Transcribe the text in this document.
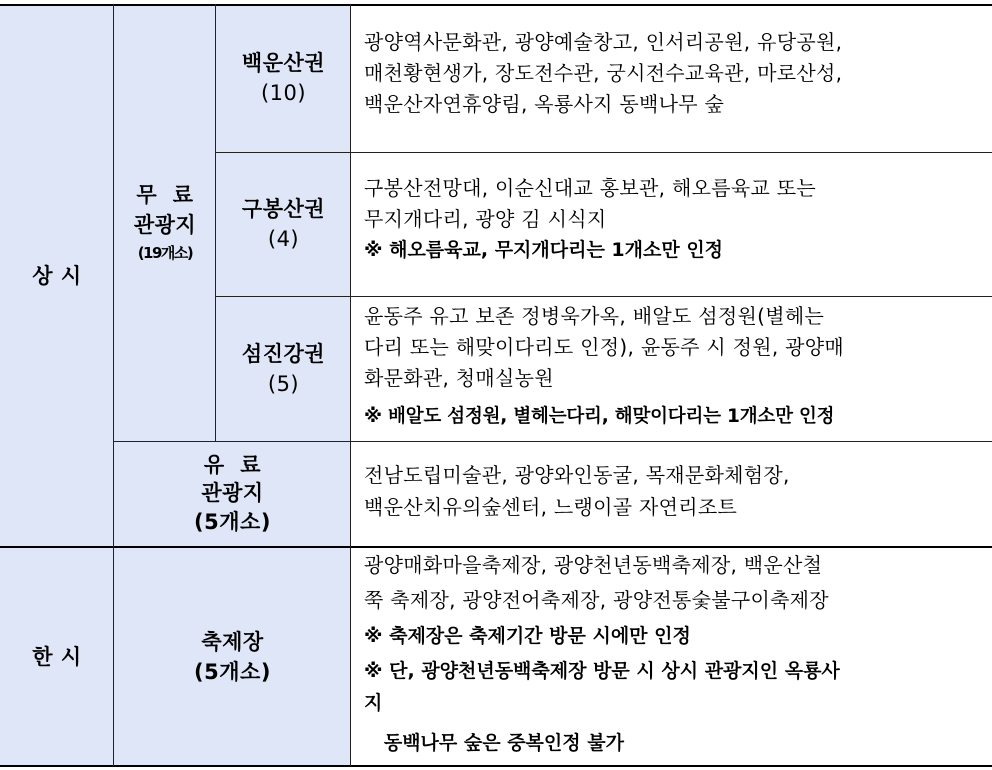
상 시
무  료
관광지
(19개소)
백운산권
(10)
구봉산권
(4)
섬진강권
(5)
유  료
관광지
(5개소)
한 시
축제장
(5개소)
광양역사문화관, 광양예술창고, 인서리공원, 유당공원,
매천황현생가, 장도전수관, 궁시전수교육관, 마로산성,
백운산자연휴양림, 옥룡사지 동백나무 숲
구봉산전망대, 이순신대교 홍보관, 해오름육교 또는
무지개다리, 광양 김 시식지
※ 해오름육교, 무지개다리는 1개소만 인정
윤동주 유고 보존 정병욱가옥, 배알도 섬정원(별헤는
다리 또는 해맞이다리도 인정), 윤동주 시 정원, 광양매
화문화관, 청매실농원
※ 배알도 섬정원, 별헤는다리, 해맞이다리는 1개소만 인정
전남도립미술관, 광양와인동굴, 목재문화체험장,
백운산치유의숲센터, 느랭이골 자연리조트
광양매화마을축제장, 광양천년동백축제장, 백운산철
쭉 축제장, 광양전어축제장, 광양전통숯불구이축제장
※ 축제장은 축제기간 방문 시에만 인정
※ 단, 광양천년동백축제장 방문 시 상시 관광지인 옥룡사
지
동백나무 숲은 중복인정 불가
